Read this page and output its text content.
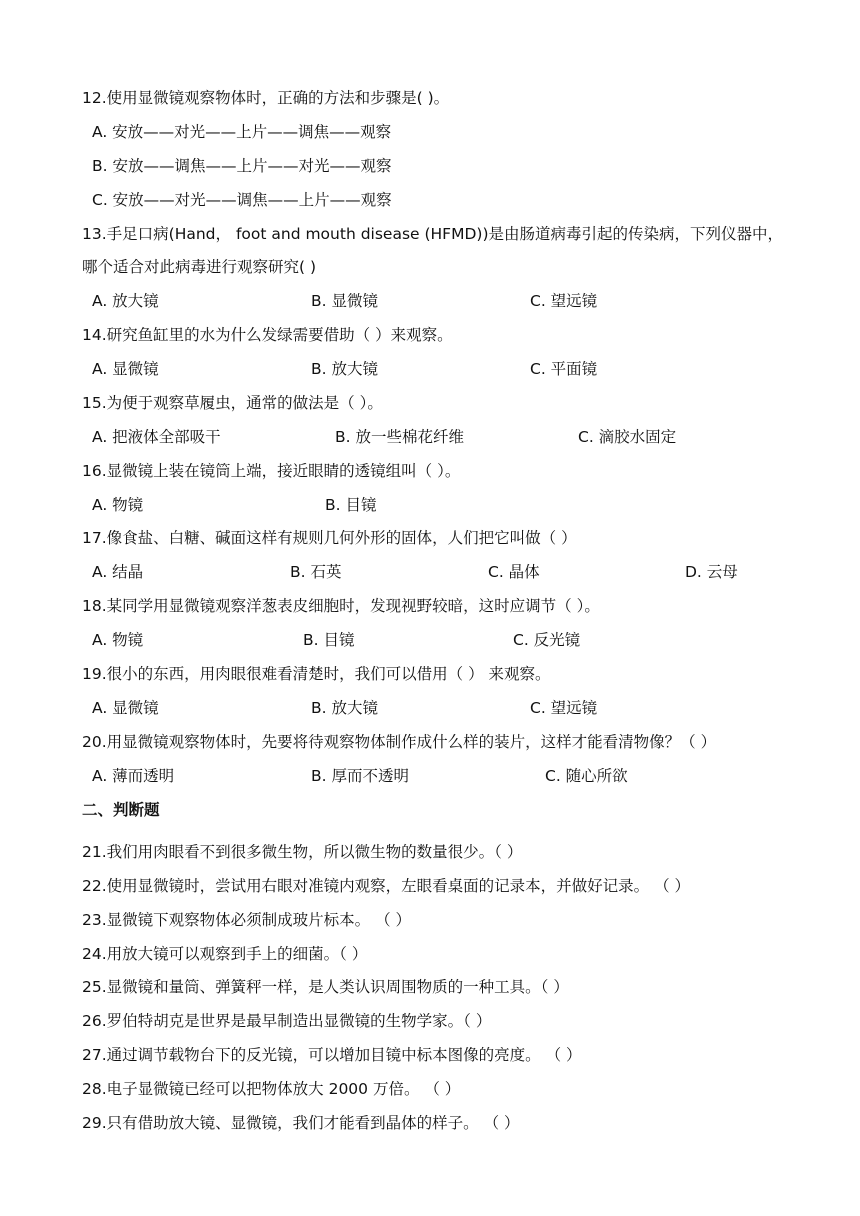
12.使用显微镜观察物体时，正确的方法和步骤是( )。
A. 安放——对光——上片——调焦——观察
B. 安放——调焦——上片——对光——观察
C. 安放——对光——调焦——上片——观察
13.手足口病(Hand， foot and mouth disease (HFMD))是由肠道病毒引起的传染病，下列仪器中，
哪个适合对此病毒进行观察研究( )
A. 放大镜	B. 显微镜	C. 望远镜
14.研究鱼缸里的水为什么发绿需要借助（ ）来观察。
A. 显微镜	B. 放大镜	C. 平面镜
15.为便于观察草履虫，通常的做法是（ ）。
A. 把液体全部吸干	B. 放一些棉花纤维	C. 滴胶水固定
16.显微镜上装在镜筒上端，接近眼睛的透镜组叫（ ）。
A. 物镜	B. 目镜
17.像食盐、白糖、碱面这样有规则几何外形的固体，人们把它叫做（ ）
A. 结晶	B. 石英	C. 晶体	D. 云母
18.某同学用显微镜观察洋葱表皮细胞时，发现视野较暗，这时应调节（ ）。
A. 物镜	B. 目镜	C. 反光镜
19.很小的东西，用肉眼很难看清楚时，我们可以借用（ ） 来观察。
A. 显微镜	B. 放大镜	C. 望远镜
20.用显微镜观察物体时，先要将待观察物体制作成什么样的装片，这样才能看清物像？（ ）
A. 薄而透明	B. 厚而不透明	C. 随心所欲
二、判断题
21.我们用肉眼看不到很多微生物，所以微生物的数量很少。（ ）
22.使用显微镜时，尝试用右眼对准镜内观察，左眼看桌面的记录本，并做好记录。 （ ）
23.显微镜下观察物体必须制成玻片标本。 （ ）
24.用放大镜可以观察到手上的细菌。（ ）
25.显微镜和量筒、弹簧秤一样，是人类认识周围物质的一种工具。（ ）
26.罗伯特胡克是世界是最早制造出显微镜的生物学家。（ ）
27.通过调节载物台下的反光镜，可以增加目镜中标本图像的亮度。 （ ）
28.电子显微镜已经可以把物体放大 2000 万倍。 （ ）
29.只有借助放大镜、显微镜，我们才能看到晶体的样子。 （ ）
